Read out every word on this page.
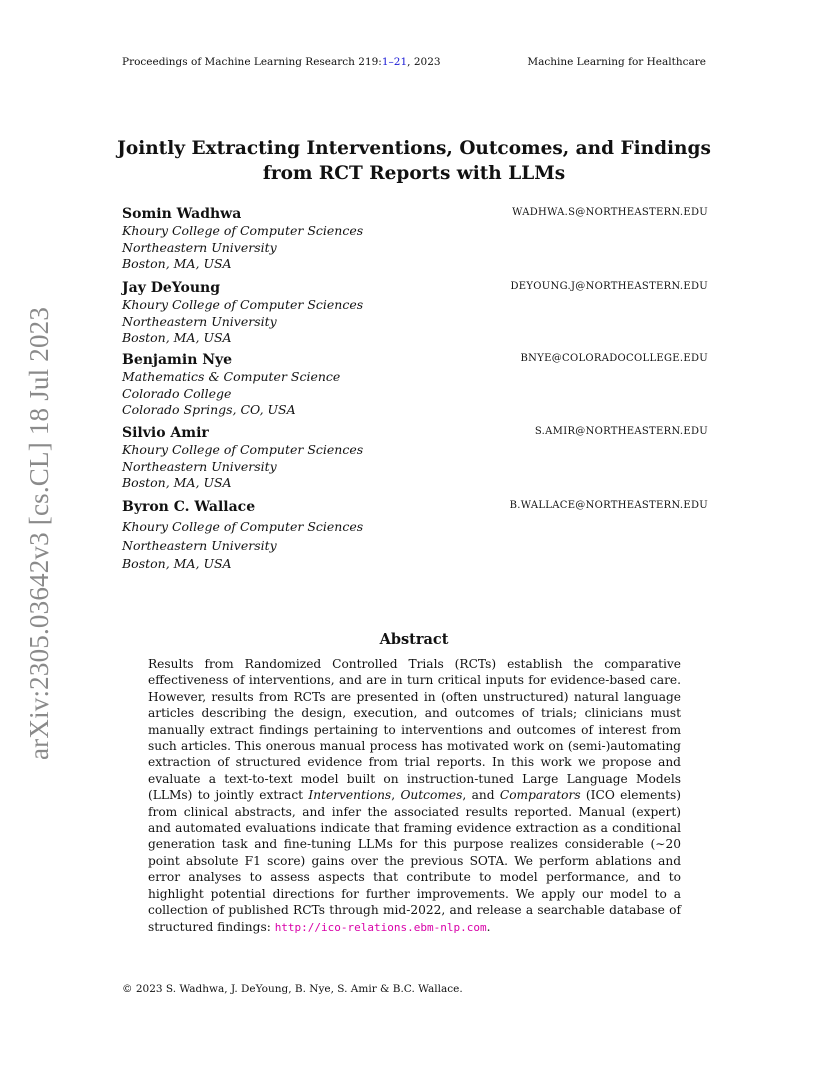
Proceedings of Machine Learning Research 219:1–21, 2023	Machine Learning for Healthcare
arXiv:2305.03642v3 [cs.CL] 18 Jul 2023
Jointly Extracting Interventions, Outcomes, and Findings
from RCT Reports with LLMs
Somin Wadhwa	WADHWA.S@NORTHEASTERN.EDU
Khoury College of Computer Sciences
Northeastern University
Boston, MA, USA
Jay DeYoung	DEYOUNG.J@NORTHEASTERN.EDU
Khoury College of Computer Sciences
Northeastern University
Boston, MA, USA
Benjamin Nye	BNYE@COLORADOCOLLEGE.EDU
Mathematics & Computer Science
Colorado College
Colorado Springs, CO, USA
Silvio Amir	S.AMIR@NORTHEASTERN.EDU
Khoury College of Computer Sciences
Northeastern University
Boston, MA, USA
Byron C. Wallace	B.WALLACE@NORTHEASTERN.EDU
Khoury College of Computer Sciences
Northeastern University
Boston, MA, USA
Abstract
Results from Randomized Controlled Trials (RCTs) establish the comparative effectiveness of interventions, and are in turn critical inputs for evidence-based care. However, results from RCTs are presented in (often unstructured) natural language articles describing the design, execution, and outcomes of trials; clinicians must manually extract findings pertaining to interventions and outcomes of interest from such articles. This onerous manual process has motivated work on (semi-)automating extraction of structured evidence from trial reports. In this work we propose and evaluate a text-to-text model built on instruction-tuned Large Language Models (LLMs) to jointly extract Interventions, Outcomes, and Comparators (ICO elements) from clinical abstracts, and infer the associated results reported. Manual (expert) and automated evaluations indicate that framing evidence extraction as a conditional generation task and fine-tuning LLMs for this purpose realizes considerable (∼20 point absolute F1 score) gains over the previous SOTA. We perform ablations and error analyses to assess aspects that contribute to model performance, and to highlight potential directions for further improvements. We apply our model to a collection of published RCTs through mid-2022, and release a searchable database of structured findings: http://ico-relations.ebm-nlp.com.
© 2023 S. Wadhwa, J. DeYoung, B. Nye, S. Amir & B.C. Wallace.
